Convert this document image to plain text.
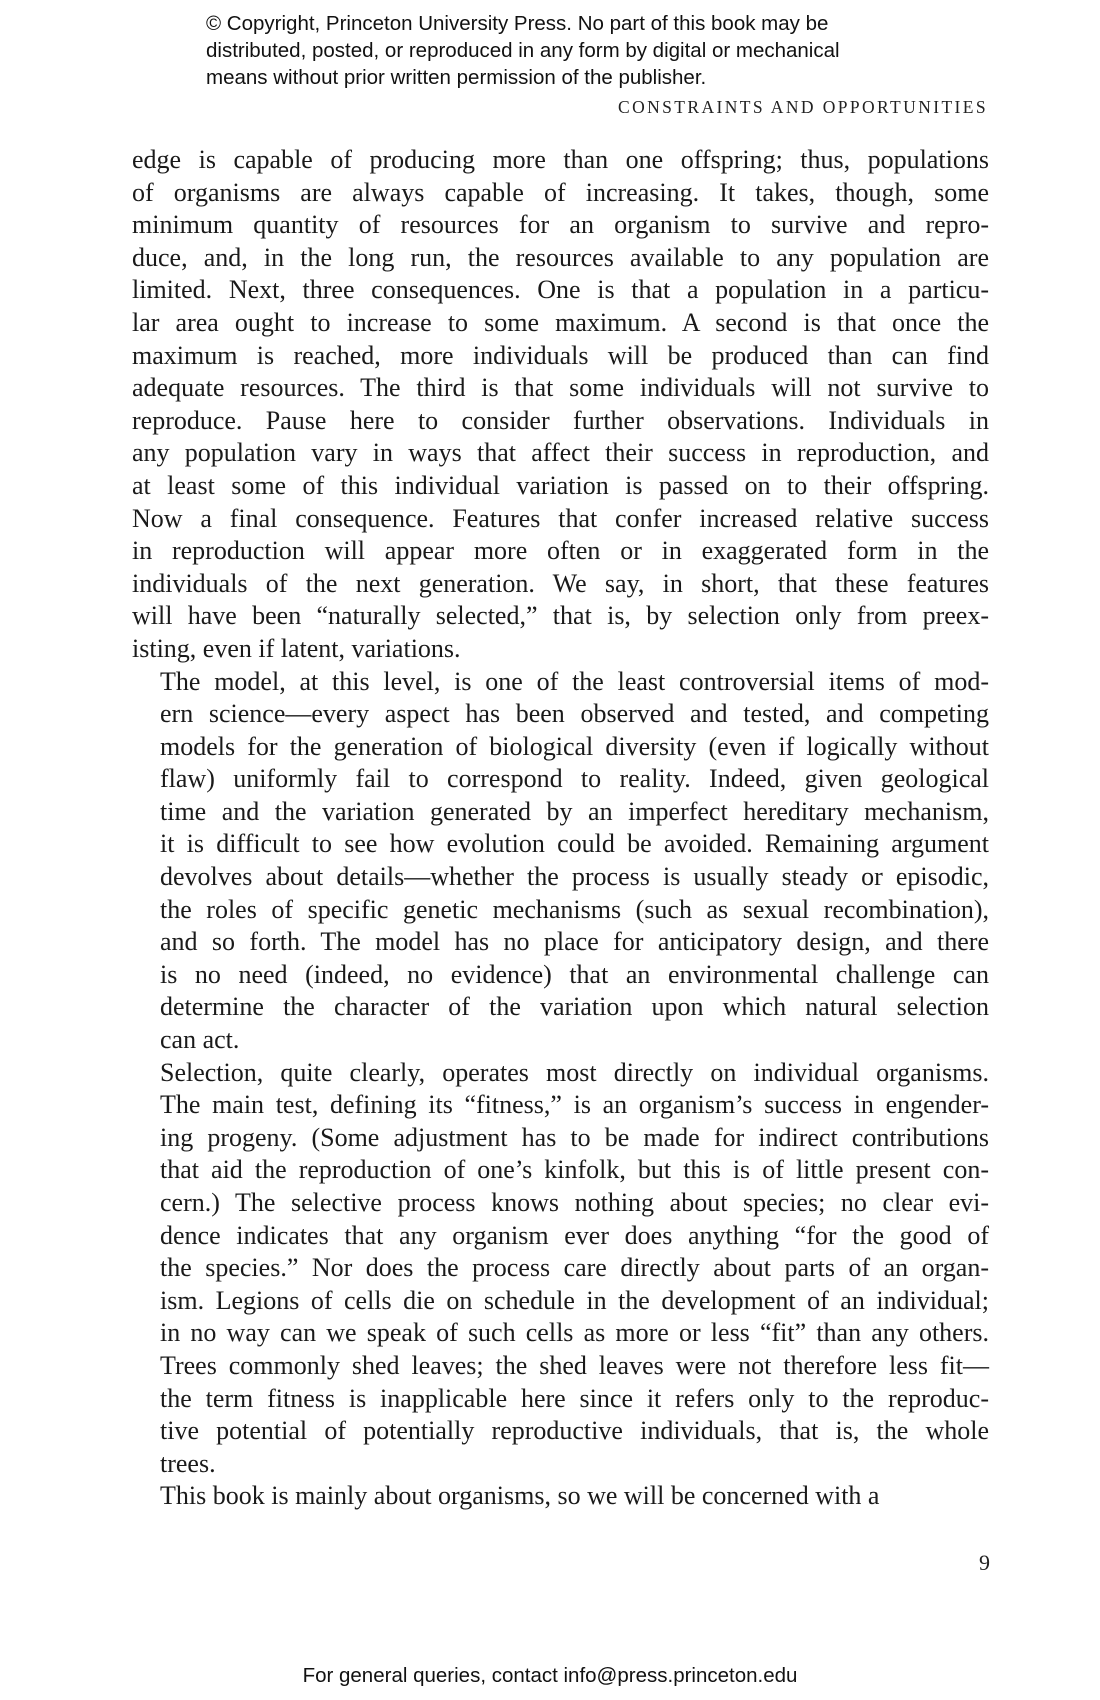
© Copyright, Princeton University Press. No part of this book may be
distributed, posted, or reproduced in any form by digital or mechanical
means without prior written permission of the publisher.
CONSTRAINTS AND OPPORTUNITIES

edge is capable of producing more than one offspring; thus, populations
of organisms are always capable of increasing. It takes, though, some
minimum quantity of resources for an organism to survive and repro-
duce, and, in the long run, the resources available to any population are
limited. Next, three consequences. One is that a population in a particu-
lar area ought to increase to some maximum. A second is that once the
maximum is reached, more individuals will be produced than can find
adequate resources. The third is that some individuals will not survive to
reproduce. Pause here to consider further observations. Individuals in
any population vary in ways that affect their success in reproduction, and
at least some of this individual variation is passed on to their offspring.
Now a final consequence. Features that confer increased relative success
in reproduction will appear more often or in exaggerated form in the
individuals of the next generation. We say, in short, that these features
will have been “naturally selected,” that is, by selection only from preex-
isting, even if latent, variations.

The model, at this level, is one of the least controversial items of mod-
ern science—every aspect has been observed and tested, and competing
models for the generation of biological diversity (even if logically without
flaw) uniformly fail to correspond to reality. Indeed, given geological
time and the variation generated by an imperfect hereditary mechanism,
it is difficult to see how evolution could be avoided. Remaining argument
devolves about details—whether the process is usually steady or episodic,
the roles of specific genetic mechanisms (such as sexual recombination),
and so forth. The model has no place for anticipatory design, and there
is no need (indeed, no evidence) that an environmental challenge can
determine the character of the variation upon which natural selection
can act.

Selection, quite clearly, operates most directly on individual organisms.
The main test, defining its “fitness,” is an organism’s success in engender-
ing progeny. (Some adjustment has to be made for indirect contributions
that aid the reproduction of one’s kinfolk, but this is of little present con-
cern.) The selective process knows nothing about species; no clear evi-
dence indicates that any organism ever does anything “for the good of
the species.” Nor does the process care directly about parts of an organ-
ism. Legions of cells die on schedule in the development of an individual;
in no way can we speak of such cells as more or less “fit” than any others.
Trees commonly shed leaves; the shed leaves were not therefore less fit—
the term fitness is inapplicable here since it refers only to the reproduc-
tive potential of potentially reproductive individuals, that is, the whole
trees.

This book is mainly about organisms, so we will be concerned with a

9
For general queries, contact info@press.princeton.edu
